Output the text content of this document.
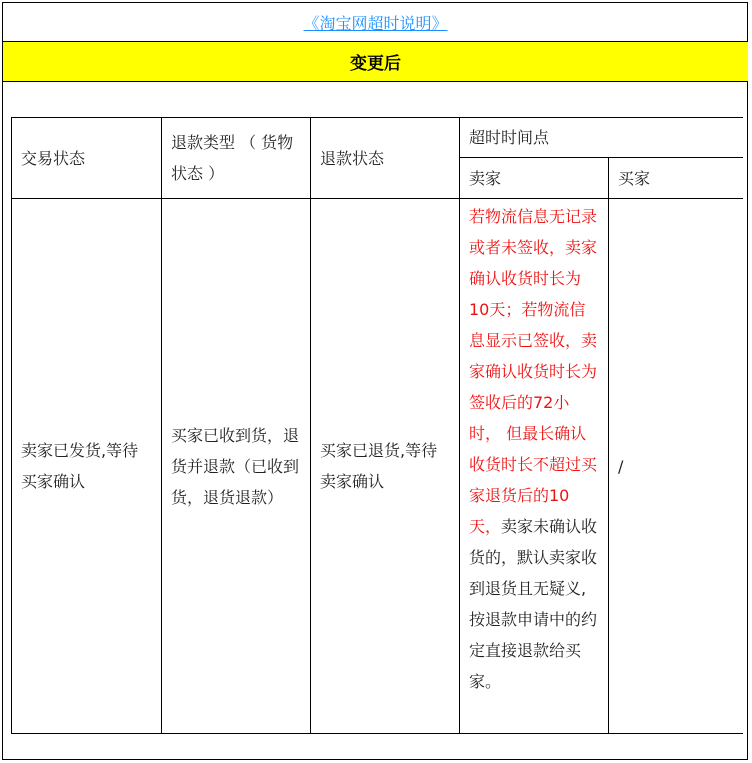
《淘宝网超时说明》
变更后
交易状态	退款类型 （ 货物状态 ）	退款状态	超时时间点	
			卖家	买家
卖家已发货,等待买家确认	买家已收到货，退货并退款（已收到货，退货退款）	买家已退货,等待卖家确认	若物流信息无记录或者未签收，卖家确认收货时长为10天；若物流信息显示已签收，卖家确认收货时长为签收后的72小时， 但最长确认收货时长不超过买家退货后的10天，卖家未确认收货的，默认卖家收到退货且无疑义,按退款申请中的约定直接退款给买家。	/
